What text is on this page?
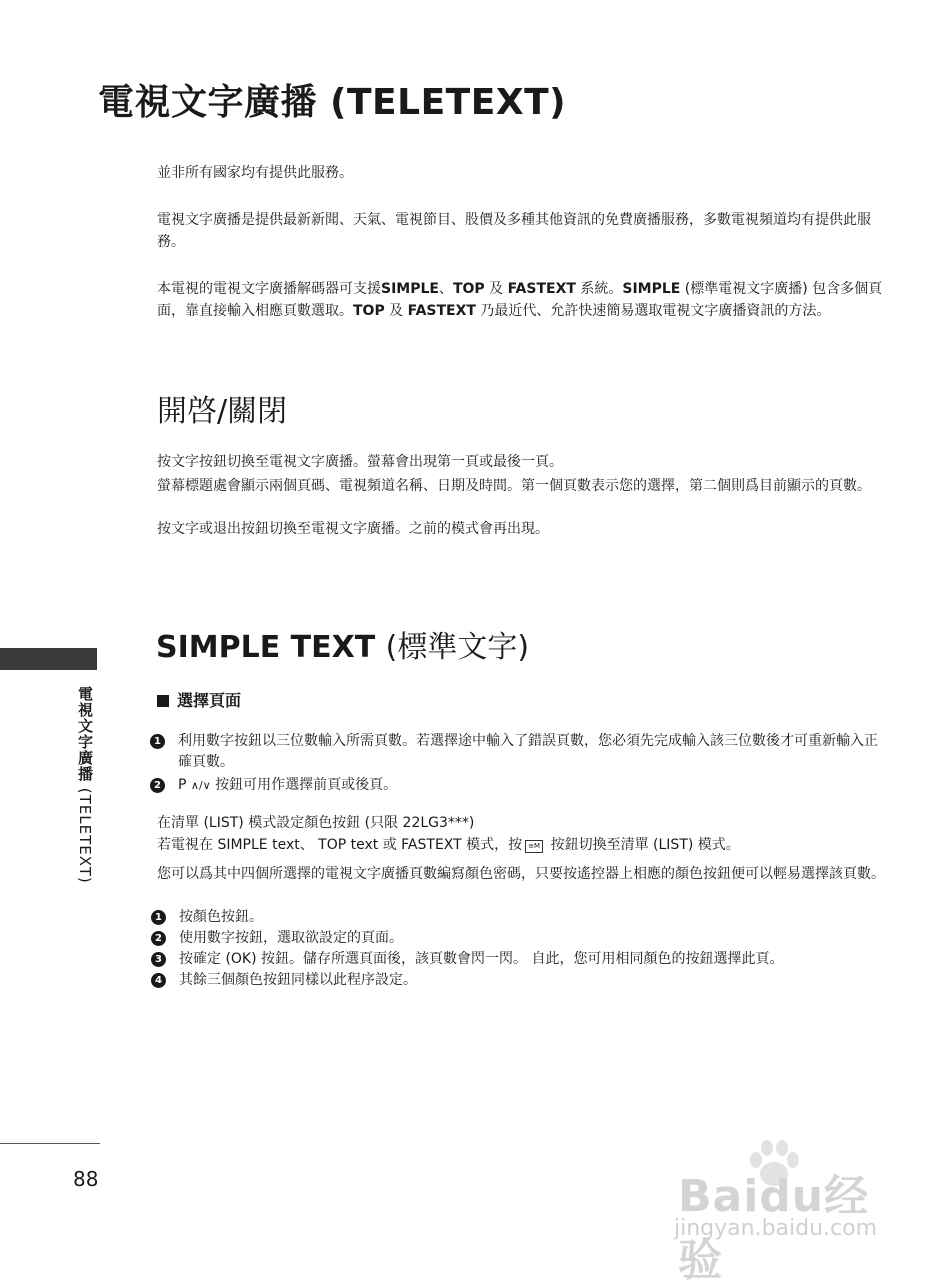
電視文字廣播 (TELETEXT)
並非所有國家均有提供此服務。
電視文字廣播是提供最新新聞、天氣、電視節目、股價及多種其他資訊的免費廣播服務，多數電視頻道均有提供此服務。
本電視的電視文字廣播解碼器可支援SIMPLE、TOP 及 FASTEXT 系統。SIMPLE (標準電視文字廣播) 包含多個頁面，靠直接輸入相應頁數選取。TOP 及 FASTEXT 乃最近代、允許快速簡易選取電視文字廣播資訊的方法。
開啓/關閉
按文字按鈕切換至電視文字廣播。螢幕會出現第一頁或最後一頁。
螢幕標題處會顯示兩個頁碼、電視頻道名稱、日期及時間。第一個頁數表示您的選擇，第二個則爲目前顯示的頁數。
按文字或退出按鈕切換至電視文字廣播。之前的模式會再出現。
電視文字廣播 (TELETEXT)
SIMPLE TEXT (標準文字)
選擇頁面
1 利用數字按鈕以三位數輸入所需頁數。若選擇途中輸入了錯誤頁數，您必須先完成輸入該三位數後才可重新輸入正確頁數。
2 P ∧/∨ 按鈕可用作選擇前頁或後頁。
在清單 (LIST) 模式設定顏色按鈕 (只限 22LG3***)
若電視在 SIMPLE text、 TOP text 或 FASTEXT 模式，按 ≡M 按鈕切換至清單 (LIST) 模式。
您可以爲其中四個所選擇的電視文字廣播頁數編寫顏色密碼，只要按遙控器上相應的顏色按鈕便可以輕易選擇該頁數。
1 按顏色按鈕。
2 使用數字按鈕，選取欲設定的頁面。
3 按確定 (OK) 按鈕。儲存所選頁面後，該頁數會閃一閃。 自此，您可用相同顏色的按鈕選擇此頁。
4 其餘三個顏色按鈕同樣以此程序設定。
88	Baidu经验
jingyan.baidu.com
